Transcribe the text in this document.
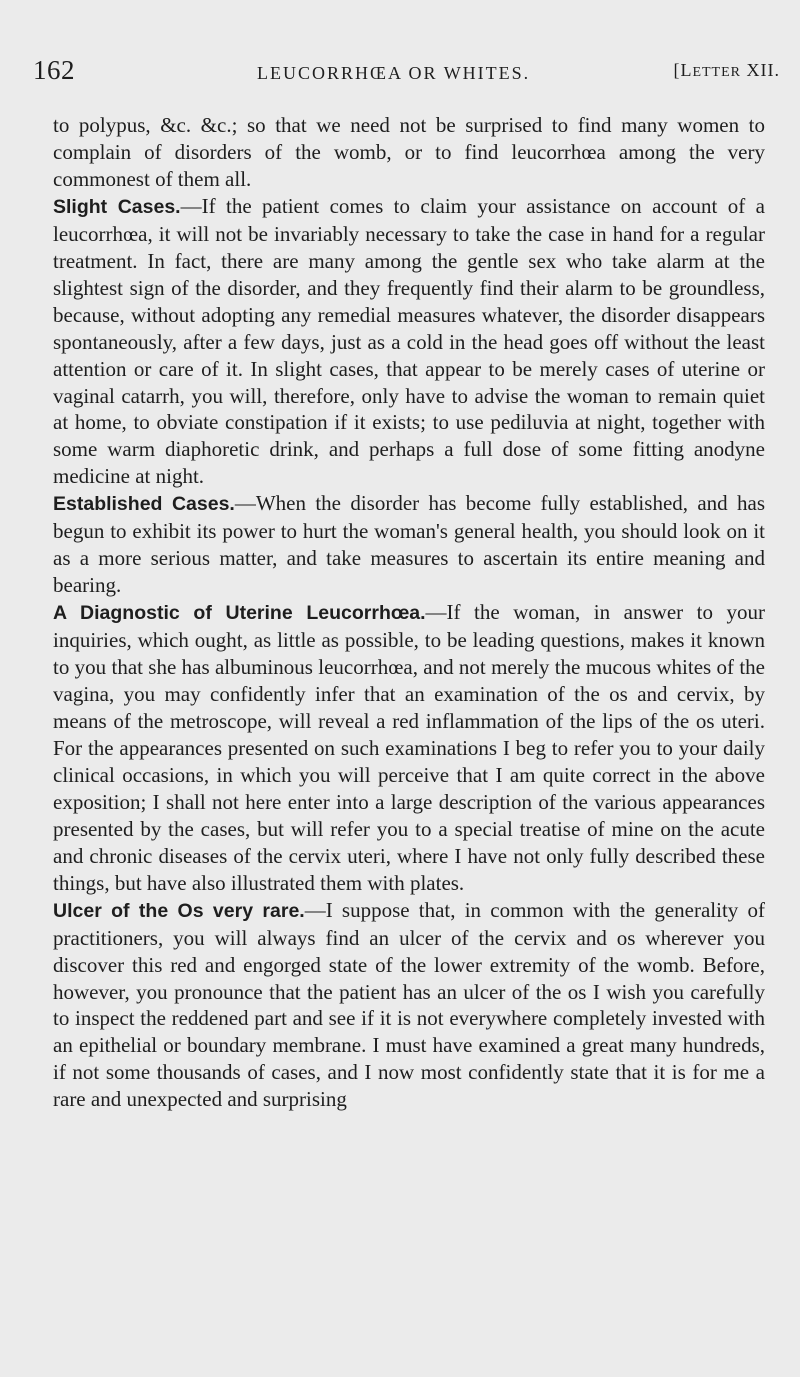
162	LEUCORRHŒA OR WHITES.	[LETTER XII.

to polypus, &c. &c.; so that we need not be surprised to find many women to complain of disorders of the womb, or to find leucorrhœa among the very commonest of them all.

Slight Cases.—If the patient comes to claim your assistance on account of a leucorrhœa, it will not be invariably necessary to take the case in hand for a regular treatment. In fact, there are many among the gentle sex who take alarm at the slightest sign of the disorder, and they frequently find their alarm to be groundless, because, without adopting any remedial measures whatever, the disorder disappears spontaneously, after a few days, just as a cold in the head goes off without the least attention or care of it. In slight cases, that appear to be merely cases of uterine or vaginal catarrh, you will, therefore, only have to advise the woman to remain quiet at home, to obviate constipation if it exists; to use pediluvia at night, together with some warm diaphoretic drink, and perhaps a full dose of some fitting anodyne medicine at night.

Established Cases.—When the disorder has become fully established, and has begun to exhibit its power to hurt the woman's general health, you should look on it as a more serious matter, and take measures to ascertain its entire meaning and bearing.

A Diagnostic of Uterine Leucorrhœa.—If the woman, in answer to your inquiries, which ought, as little as possible, to be leading questions, makes it known to you that she has albuminous leucorrhœa, and not merely the mucous whites of the vagina, you may confidently infer that an examination of the os and cervix, by means of the metroscope, will reveal a red inflammation of the lips of the os uteri. For the appearances presented on such examinations I beg to refer you to your daily clinical occasions, in which you will perceive that I am quite correct in the above exposition; I shall not here enter into a large description of the various appearances presented by the cases, but will refer you to a special treatise of mine on the acute and chronic diseases of the cervix uteri, where I have not only fully described these things, but have also illustrated them with plates.

Ulcer of the Os very rare.—I suppose that, in common with the generality of practitioners, you will always find an ulcer of the cervix and os wherever you discover this red and engorged state of the lower extremity of the womb. Before, however, you pronounce that the patient has an ulcer of the os I wish you carefully to inspect the reddened part and see if it is not everywhere completely invested with an epithelial or boundary membrane. I must have examined a great many hundreds, if not some thousands of cases, and I now most confidently state that it is for me a rare and unexpected and surprising
